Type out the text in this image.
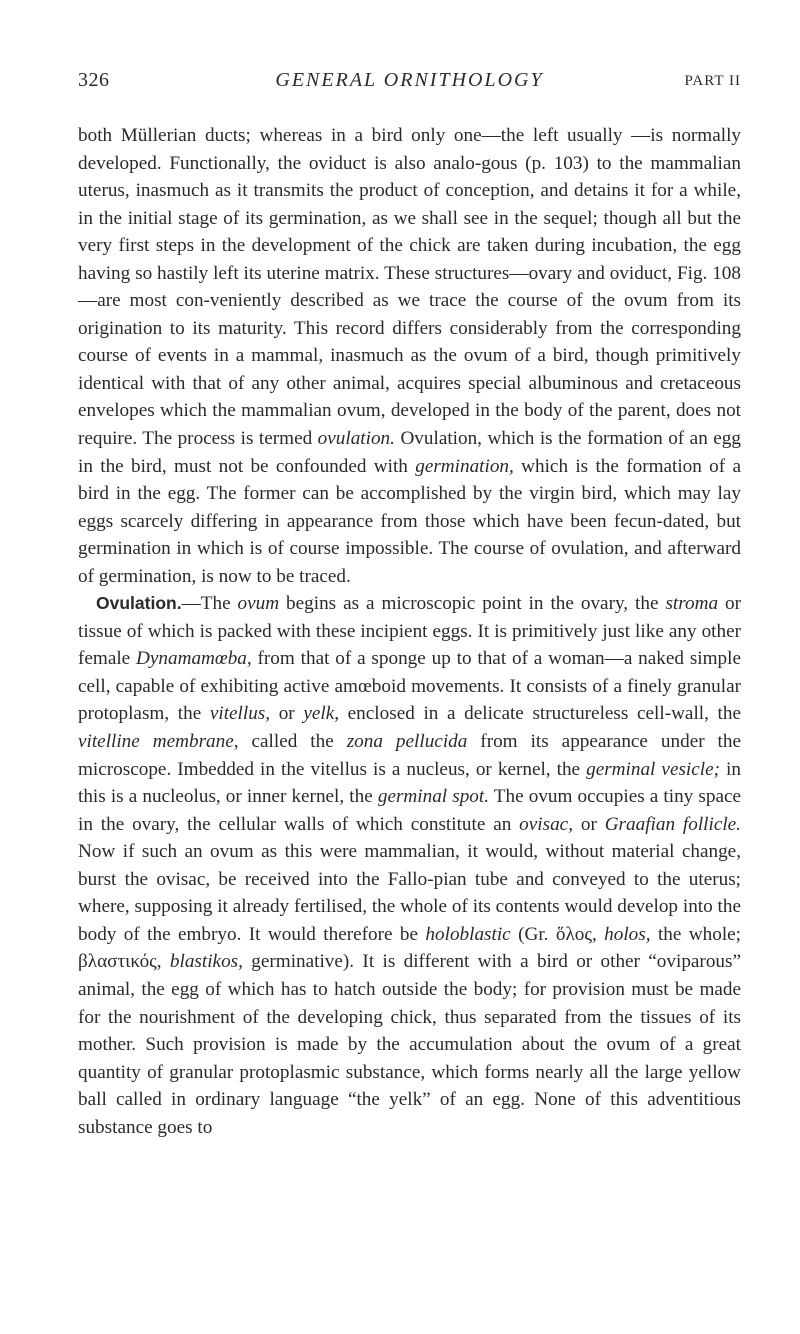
326	GENERAL ORNITHOLOGY	PART II

both Müllerian ducts; whereas in a bird only one—the left usually —is normally developed. Functionally, the oviduct is also analo-gous (p. 103) to the mammalian uterus, inasmuch as it transmits the product of conception, and detains it for a while, in the initial stage of its germination, as we shall see in the sequel; though all but the very first steps in the development of the chick are taken during incubation, the egg having so hastily left its uterine matrix. These structures—ovary and oviduct, Fig. 108—are most con-veniently described as we trace the course of the ovum from its origination to its maturity. This record differs considerably from the corresponding course of events in a mammal, inasmuch as the ovum of a bird, though primitively identical with that of any other animal, acquires special albuminous and cretaceous envelopes which the mammalian ovum, developed in the body of the parent, does not require. The process is termed ovulation. Ovulation, which is the formation of an egg in the bird, must not be confounded with germination, which is the formation of a bird in the egg. The former can be accomplished by the virgin bird, which may lay eggs scarcely differing in appearance from those which have been fecun-dated, but germination in which is of course impossible. The course of ovulation, and afterward of germination, is now to be traced.

Ovulation.—The ovum begins as a microscopic point in the ovary, the stroma or tissue of which is packed with these incipient eggs. It is primitively just like any other female Dynamamœba, from that of a sponge up to that of a woman—a naked simple cell, capable of exhibiting active amœboid movements. It consists of a finely granular protoplasm, the vitellus, or yelk, enclosed in a delicate structureless cell-wall, the vitelline membrane, called the zona pellucida from its appearance under the microscope. Imbedded in the vitellus is a nucleus, or kernel, the germinal vesicle; in this is a nucleolus, or inner kernel, the germinal spot. The ovum occupies a tiny space in the ovary, the cellular walls of which constitute an ovisac, or Graafian follicle. Now if such an ovum as this were mammalian, it would, without material change, burst the ovisac, be received into the Fallo-pian tube and conveyed to the uterus; where, supposing it already fertilised, the whole of its contents would develop into the body of the embryo. It would therefore be holoblastic (Gr. ὅλος, holos, the whole; βλαστικός, blastikos, germinative). It is different with a bird or other “oviparous” animal, the egg of which has to hatch outside the body; for provision must be made for the nourishment of the developing chick, thus separated from the tissues of its mother. Such provision is made by the accumulation about the ovum of a great quantity of granular protoplasmic substance, which forms nearly all the large yellow ball called in ordinary language “the yelk” of an egg. None of this adventitious substance goes to
